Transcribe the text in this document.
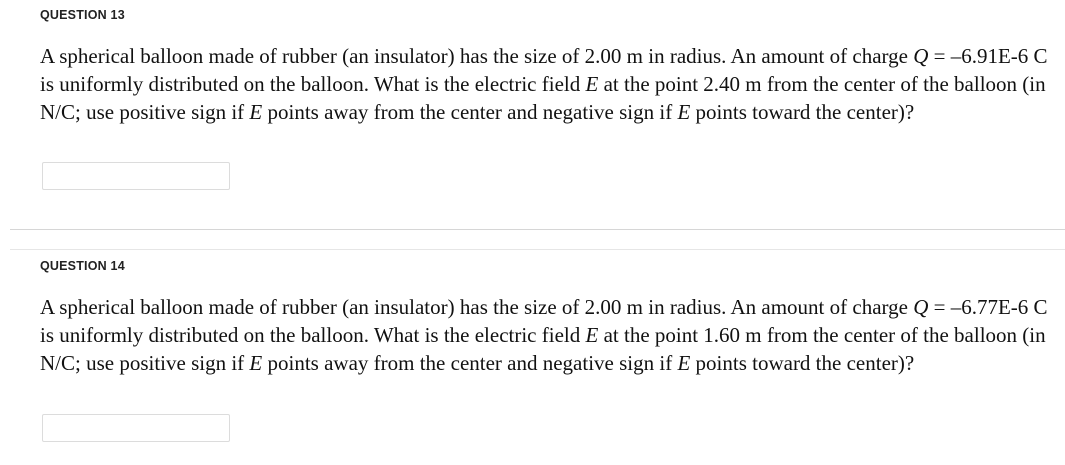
QUESTION 13
A spherical balloon made of rubber (an insulator) has the size of 2.00 m in radius. An amount of charge Q = –6.91E-6 C is uniformly distributed on the balloon. What is the electric field E at the point 2.40 m from the center of the balloon (in N/C; use positive sign if E points away from the center and negative sign if E points toward the center)?
QUESTION 14
A spherical balloon made of rubber (an insulator) has the size of 2.00 m in radius. An amount of charge Q = –6.77E-6 C is uniformly distributed on the balloon. What is the electric field E at the point 1.60 m from the center of the balloon (in N/C; use positive sign if E points away from the center and negative sign if E points toward the center)?
